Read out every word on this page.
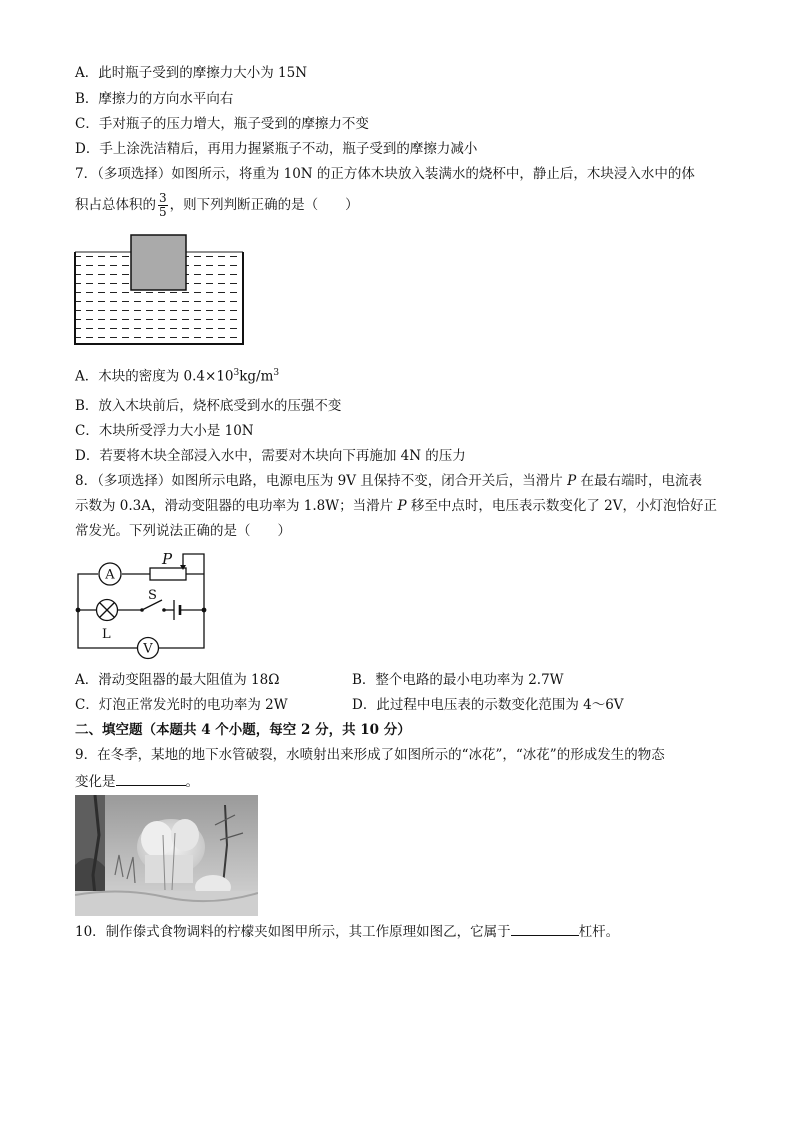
A．此时瓶子受到的摩擦力大小为 15N
B．摩擦力的方向水平向右
C．手对瓶子的压力增大，瓶子受到的摩擦力不变
D．手上涂洗洁精后，再用力握紧瓶子不动，瓶子受到的摩擦力减小
7．（多项选择）如图所示，将重为 10N 的正方体木块放入装满水的烧杯中，静止后，木块浸入水中的体
积占总体积的 $\frac{3}{5}$ ，则下列判断正确的是（　　）
A．木块的密度为 $0.4\times 10^3kg/m^3$
B．放入木块前后，烧杯底受到水的压强不变
C．木块所受浮力大小是 10N
D．若要将木块全部浸入水中，需要对木块向下再施加 4N 的压力
8．（多项选择）如图所示电路，电源电压为 9V 且保持不变，闭合开关后，当滑片 P 在最右端时，电流表
示数为 0.3A，滑动变阻器的电功率为 1.8W；当滑片 P 移至中点时，电压表示数变化了 2V，小灯泡恰好正
常发光。下列说法正确的是（　　）
A
P
S
L
V
A．滑动变阻器的最大阻值为 18Ω	B．整个电路的最小电功率为 2.7W
C．灯泡正常发光时的电功率为 2W	D．此过程中电压表的示数变化范围为 4～6V
二、填空题（本题共 4 个小题，每空 2 分，共 10 分）
9．在冬季，某地的地下水管破裂，水喷射出来形成了如图所示的“冰花”，“冰花”的形成发生的物态
变化是	。
10．制作傣式食物调料的柠檬夹如图甲所示，其工作原理如图乙，它属于	杠杆。
